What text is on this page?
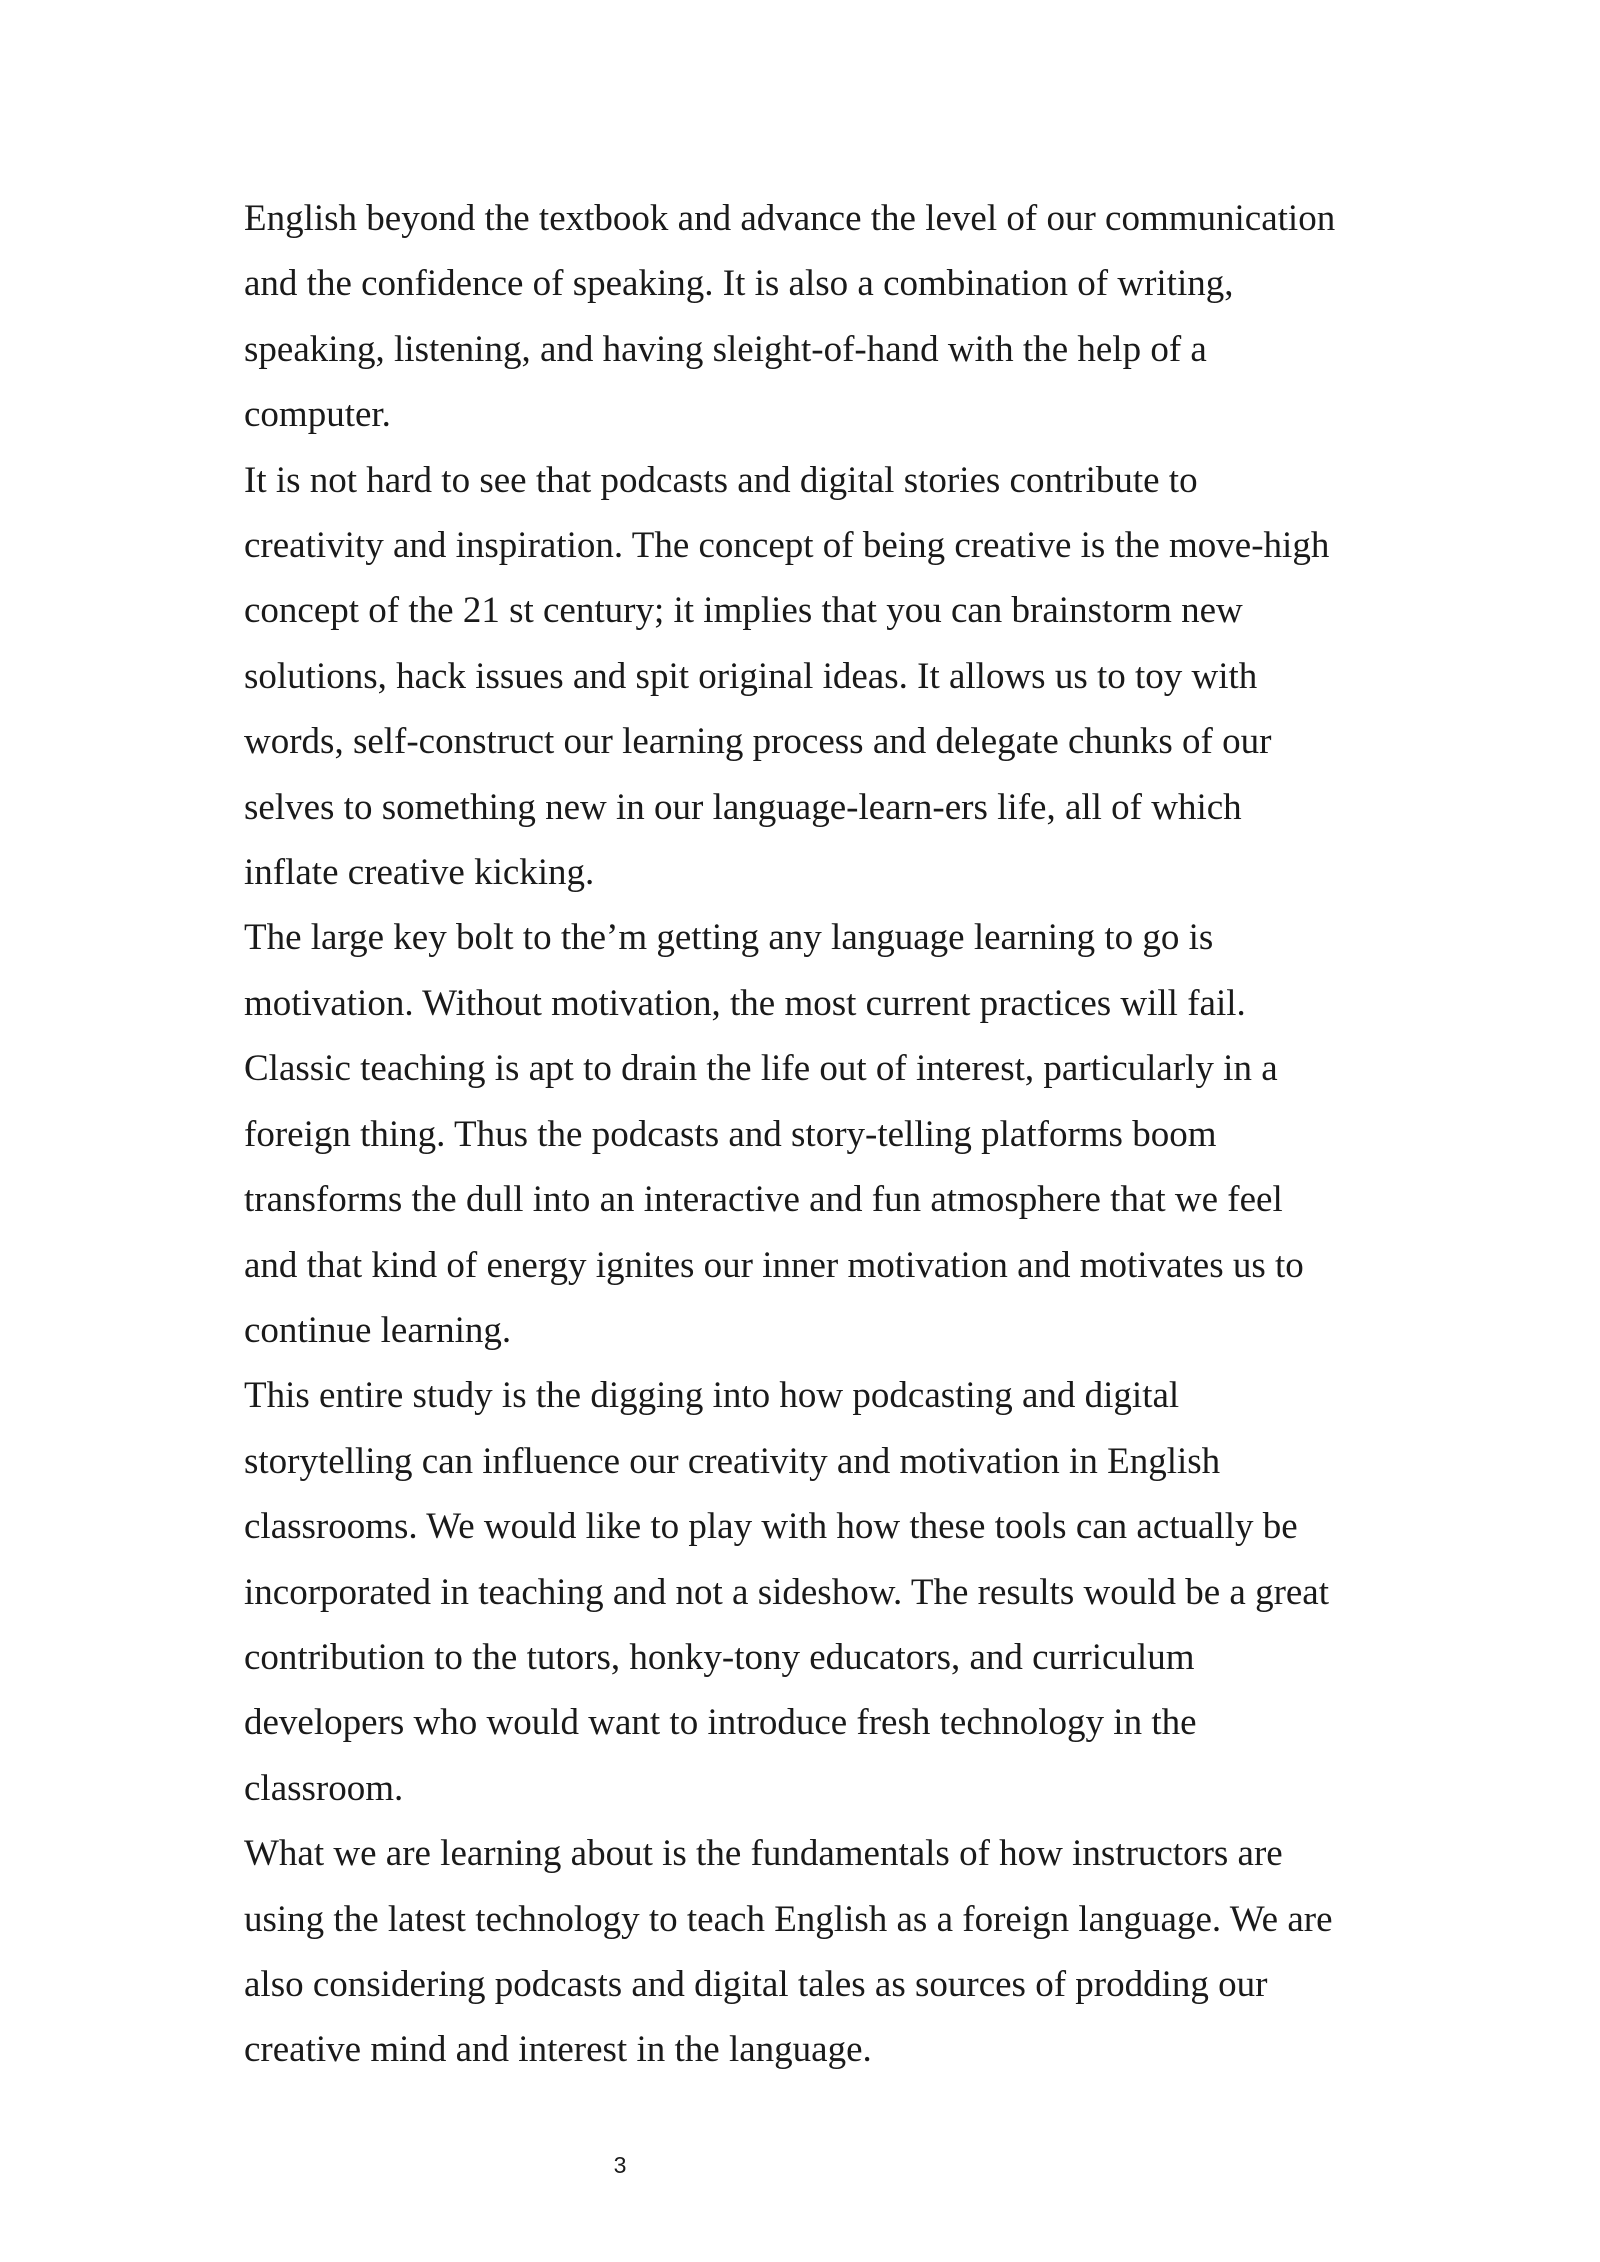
English beyond the textbook and advance the level of our communication
and the confidence of speaking. It is also a combination of writing,
speaking, listening, and having sleight-of-hand with the help of a
computer.
It is not hard to see that podcasts and digital stories contribute to
creativity and inspiration. The concept of being creative is the move-high
concept of the 21 st century; it implies that you can brainstorm new
solutions, hack issues and spit original ideas. It allows us to toy with
words, self-construct our learning process and delegate chunks of our
selves to something new in our language-learn-ers life, all of which
inflate creative kicking.
The large key bolt to the’m getting any language learning to go is
motivation. Without motivation, the most current practices will fail.
Classic teaching is apt to drain the life out of interest, particularly in a
foreign thing. Thus the podcasts and story-telling platforms boom
transforms the dull into an interactive and fun atmosphere that we feel
and that kind of energy ignites our inner motivation and motivates us to
continue learning.
This entire study is the digging into how podcasting and digital
storytelling can influence our creativity and motivation in English
classrooms. We would like to play with how these tools can actually be
incorporated in teaching and not a sideshow. The results would be a great
contribution to the tutors, honky-tony educators, and curriculum
developers who would want to introduce fresh technology in the
classroom.
What we are learning about is the fundamentals of how instructors are
using the latest technology to teach English as a foreign language. We are
also considering podcasts and digital tales as sources of prodding our
creative mind and interest in the language.
3
